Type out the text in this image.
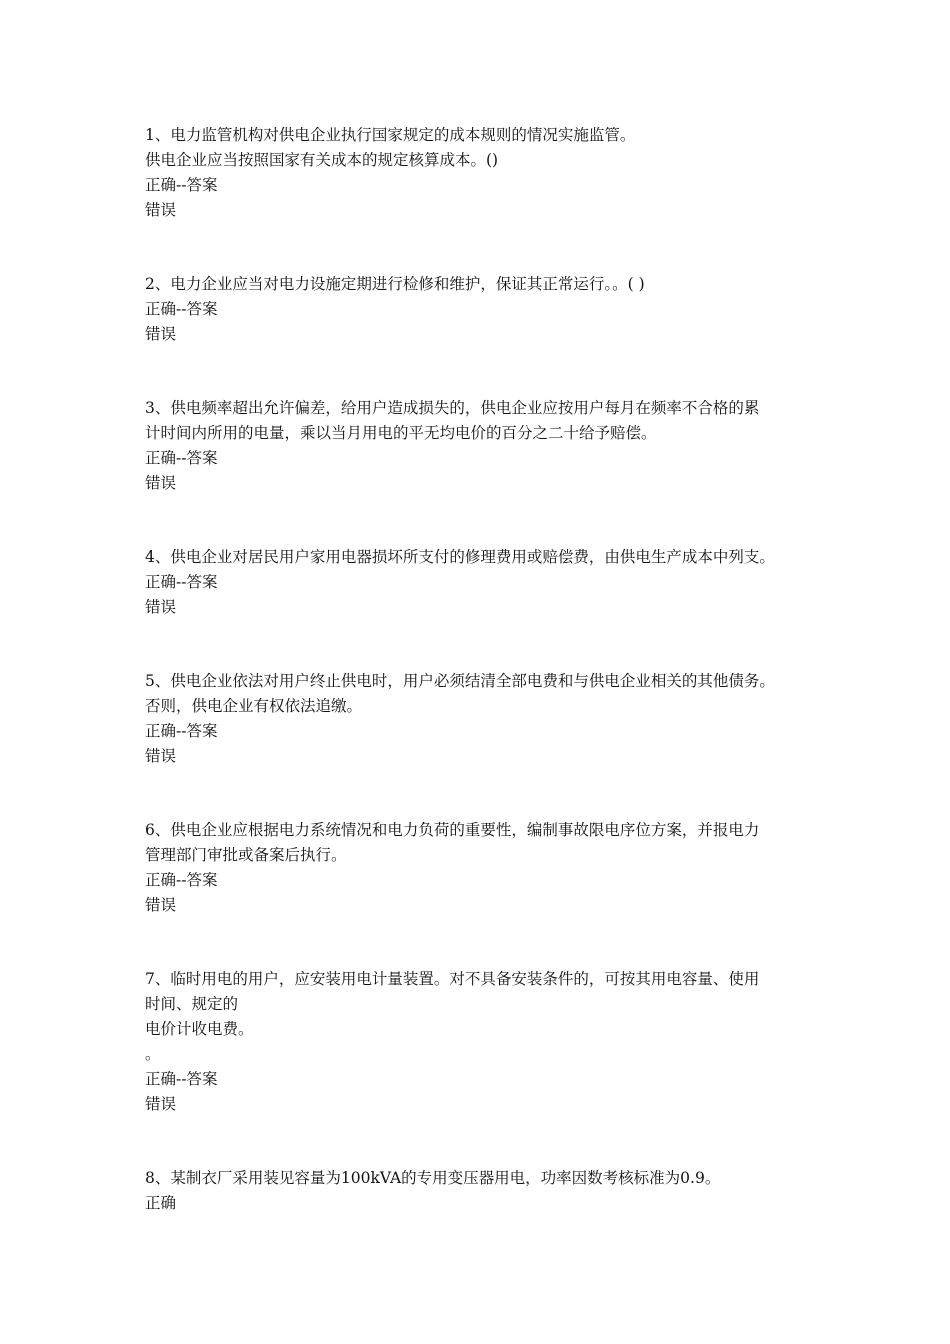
1、电力监管机构对供电企业执行国家规定的成本规则的情况实施监管。
供电企业应当按照国家有关成本的规定核算成本。()
正确--答案
错误
2、电力企业应当对电力设施定期进行检修和维护，保证其正常运行。。( )
正确--答案
错误
3、供电频率超出允许偏差，给用户造成损失的，供电企业应按用户每月在频率不合格的累
计时间内所用的电量，乘以当月用电的平无均电价的百分之二十给予赔偿。
正确--答案
错误
4、供电企业对居民用户家用电器损坏所支付的修理费用或赔偿费，由供电生产成本中列支。
正确--答案
错误
5、供电企业依法对用户终止供电时，用户必须结清全部电费和与供电企业相关的其他债务。
否则，供电企业有权依法追缴。
正确--答案
错误
6、供电企业应根据电力系统情况和电力负荷的重要性，编制事故限电序位方案，并报电力
管理部门审批或备案后执行。
正确--答案
错误
7、临时用电的用户，应安装用电计量装置。对不具备安装条件的，可按其用电容量、使用
时间、规定的
电价计收电费。
。
正确--答案
错误
8、某制衣厂采用装见容量为100kVA的专用变压器用电，功率因数考核标准为0.9。
正确
